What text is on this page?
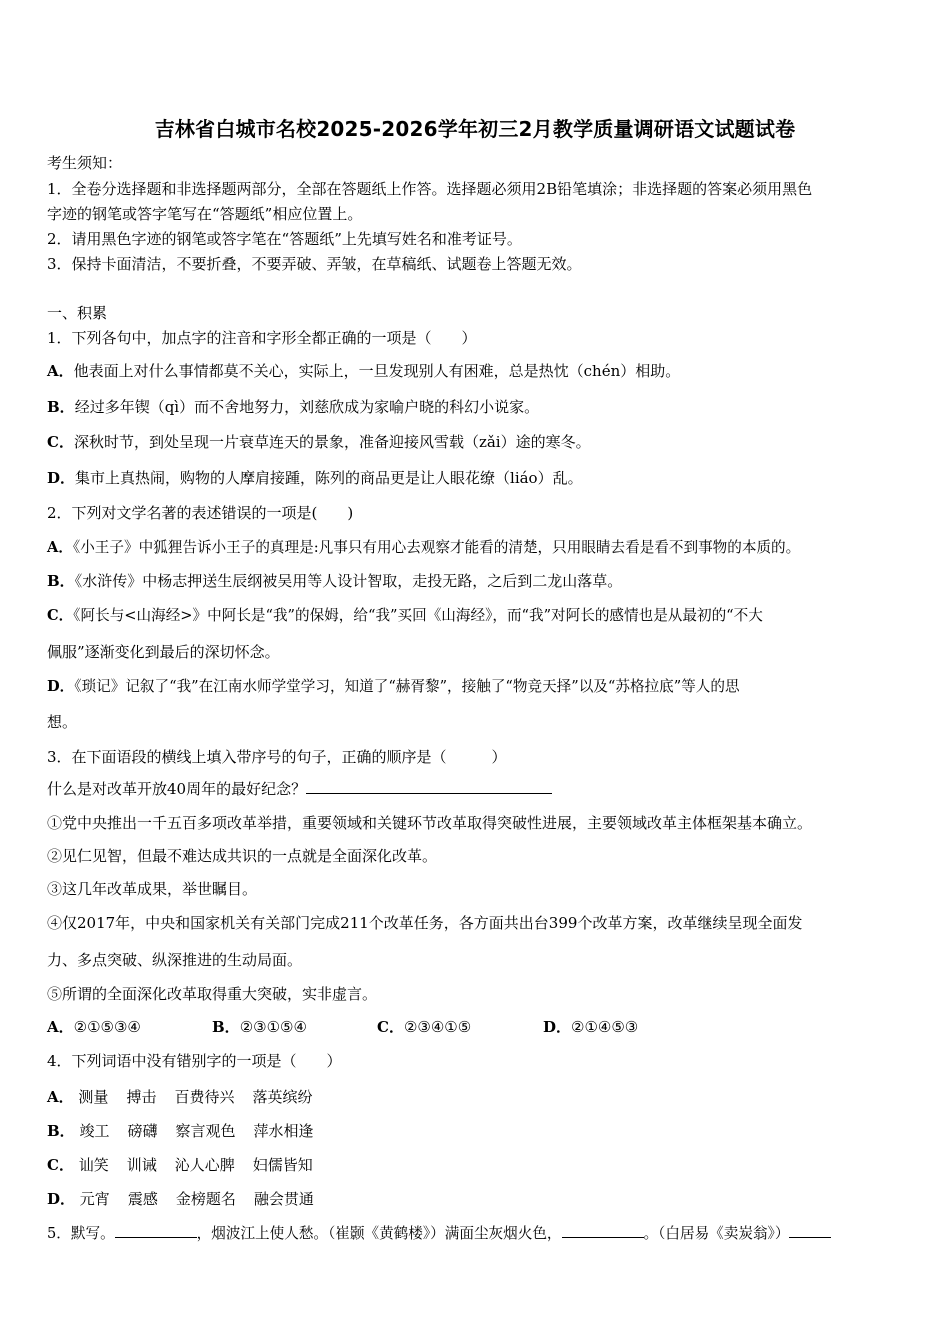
吉林省白城市名校2025-2026学年初三2月教学质量调研语文试题试卷
考生须知：
1．全卷分选择题和非选择题两部分，全部在答题纸上作答。选择题必须用2B铅笔填涂；非选择题的答案必须用黑色
字迹的钢笔或答字笔写在“答题纸”相应位置上。
2．请用黑色字迹的钢笔或答字笔在“答题纸”上先填写姓名和准考证号。
3．保持卡面清洁，不要折叠，不要弄破、弄皱，在草稿纸、试题卷上答题无效。
一、积累
1．下列各句中，加点字的注音和字形全都正确的一项是（　　）
A．他表面上对什么事情都莫不关心，实际上，一旦发现别人有困难，总是热忱（chén）相助。
B．经过多年锲（qì）而不舍地努力，刘慈欣成为家喻户晓的科幻小说家。
C．深秋时节，到处呈现一片衰草连天的景象，准备迎接风雪载（zǎi）途的寒冬。
D．集市上真热闹，购物的人摩肩接踵，陈列的商品更是让人眼花缭（liáo）乱。
2．下列对文学名著的表述错误的一项是(　　)
A．《小王子》中狐狸告诉小王子的真理是:凡事只有用心去观察才能看的清楚，只用眼睛去看是看不到事物的本质的。
B．《水浒传》中杨志押送生辰纲被吴用等人设计智取，走投无路，之后到二龙山落草。
C．《阿长与<山海经>》中阿长是“我”的保姆，给“我”买回《山海经》，而“我”对阿长的感情也是从最初的“不大
佩服”逐渐变化到最后的深切怀念。
D．《琐记》记叙了“我”在江南水师学堂学习，知道了“赫胥黎”，接触了“物竞天择”以及“苏格拉底”等人的思
想。
3．在下面语段的横线上填入带序号的句子，正确的顺序是（　　　）
什么是对改革开放40周年的最好纪念？
①党中央推出一千五百多项改革举措，重要领域和关键环节改革取得突破性进展，主要领域改革主体框架基本确立。
②见仁见智，但最不难达成共识的一点就是全面深化改革。
③这几年改革成果，举世瞩目。
④仅2017年，中央和国家机关有关部门完成211个改革任务，各方面共出台399个改革方案，改革继续呈现全面发
力、多点突破、纵深推进的生动局面。
⑤所谓的全面深化改革取得重大突破，实非虚言。
A．②①⑤③④	B．②③①⑤④	C．②③④①⑤	D．②①④⑤③
4．下列词语中没有错别字的一项是（　　）
A． 测量 搏击 百费待兴 落英缤纷
B． 竣工 磅礴 察言观色 萍水相逢
C． 讪笑 训诫 沁人心脾 妇儒皆知
D． 元宵 震感 金榜题名 融会贯通
5．默写。	，烟波江上使人愁。（崔颢《黄鹤楼》）满面尘灰烟火色，	。（白居易《卖炭翁》）
